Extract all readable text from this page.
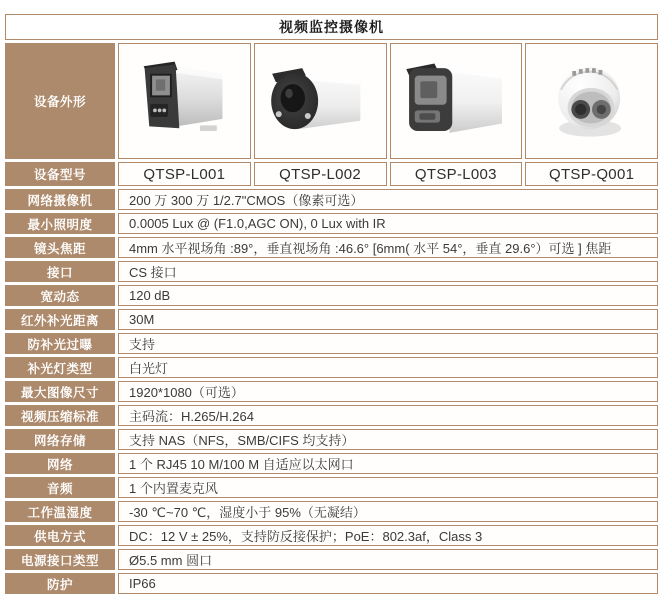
视频监控摄像机
设备外形
设备型号	QTSP-L001	QTSP-L002	QTSP-L003	QTSP-Q001
网络摄像机	200 万 300 万 1/2.7"CMOS（像素可选）
最小照明度	0.0005 Lux @ (F1.0,AGC ON), 0 Lux with IR
镜头焦距	4mm 水平视场角 :89°，垂直视场角 :46.6° [6mm( 水平 54°，垂直 29.6°）可选 ] 焦距
接口	CS 接口
宽动态	120 dB
红外补光距离	30M
防补光过曝	支持
补光灯类型	白光灯
最大图像尺寸	1920*1080（可选）
视频压缩标准	主码流：H.265/H.264
网络存储	支持 NAS（NFS，SMB/CIFS 均支持）
网络	1 个 RJ45 10 M/100 M 自适应以太网口
音频	1 个内置麦克风
工作温湿度	-30 ℃~70 ℃，湿度小于 95%（无凝结）
供电方式	DC：12 V ± 25%，支持防反接保护；PoE：802.3af，Class 3
电源接口类型	Ø5.5 mm 圆口
防护	IP66
